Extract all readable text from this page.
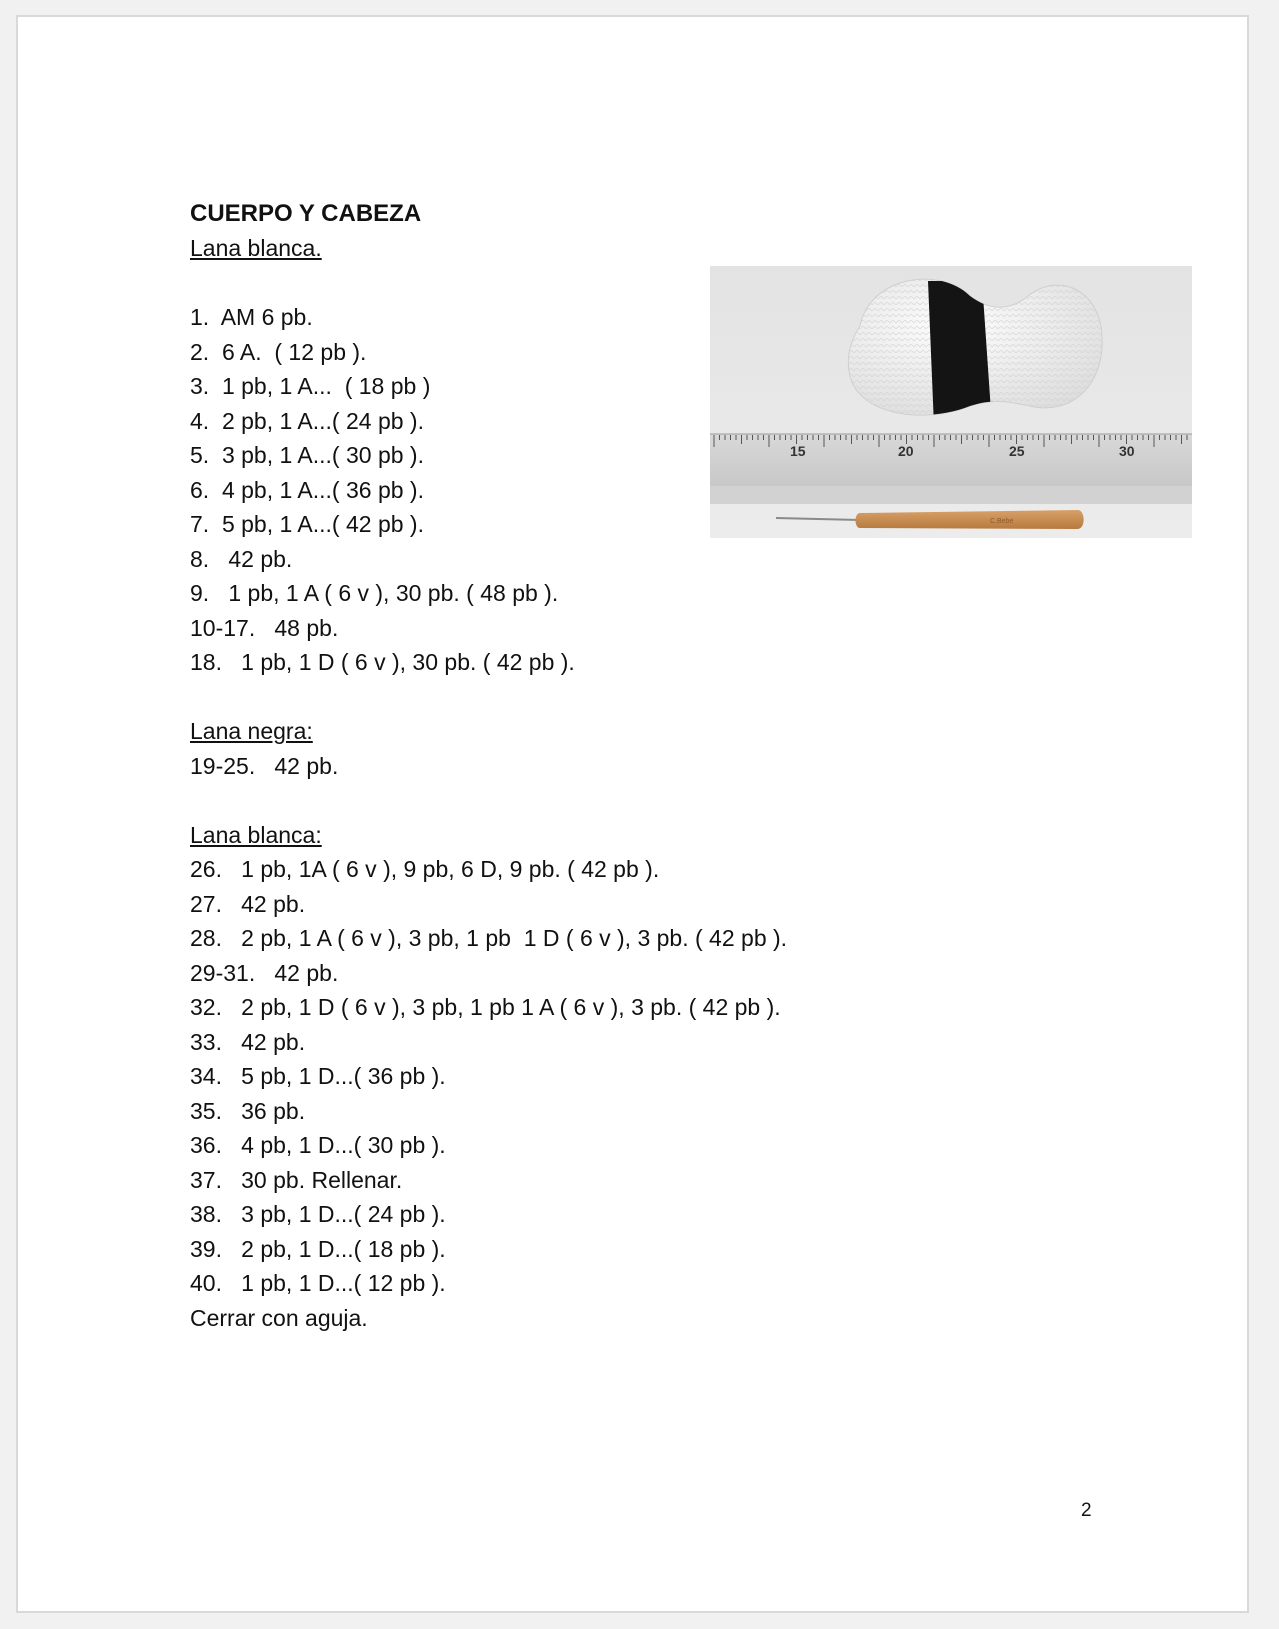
CUERPO Y CABEZA
Lana blanca.
1.  AM 6 pb.
2.  6 A.  ( 12 pb ).
3.  1 pb, 1 A...  ( 18 pb )
4.  2 pb, 1 A...( 24 pb ).
5.  3 pb, 1 A...( 30 pb ).
6.  4 pb, 1 A...( 36 pb ).
7.  5 pb, 1 A...( 42 pb ).
8.   42 pb.
9.   1 pb, 1 A ( 6 v ), 30 pb. ( 48 pb ).
10-17.   48 pb.
18.   1 pb, 1 D ( 6 v ), 30 pb. ( 42 pb ).
Lana negra:
19-25.   42 pb.
Lana blanca:
26.   1 pb, 1A ( 6 v ), 9 pb, 6 D, 9 pb. ( 42 pb ).
27.   42 pb.
28.   2 pb, 1 A ( 6 v ), 3 pb, 1 pb  1 D ( 6 v ), 3 pb. ( 42 pb ).
29-31.   42 pb.
32.   2 pb, 1 D ( 6 v ), 3 pb, 1 pb 1 A ( 6 v ), 3 pb. ( 42 pb ).
33.   42 pb.
34.   5 pb, 1 D...( 36 pb ).
35.   36 pb.
36.   4 pb, 1 D...( 30 pb ).
37.   30 pb. Rellenar.
38.   3 pb, 1 D...( 24 pb ).
39.   2 pb, 1 D...( 18 pb ).
40.   1 pb, 1 D...( 12 pb ).
Cerrar con aguja.
15	20	25	30
C.Bebe
2
